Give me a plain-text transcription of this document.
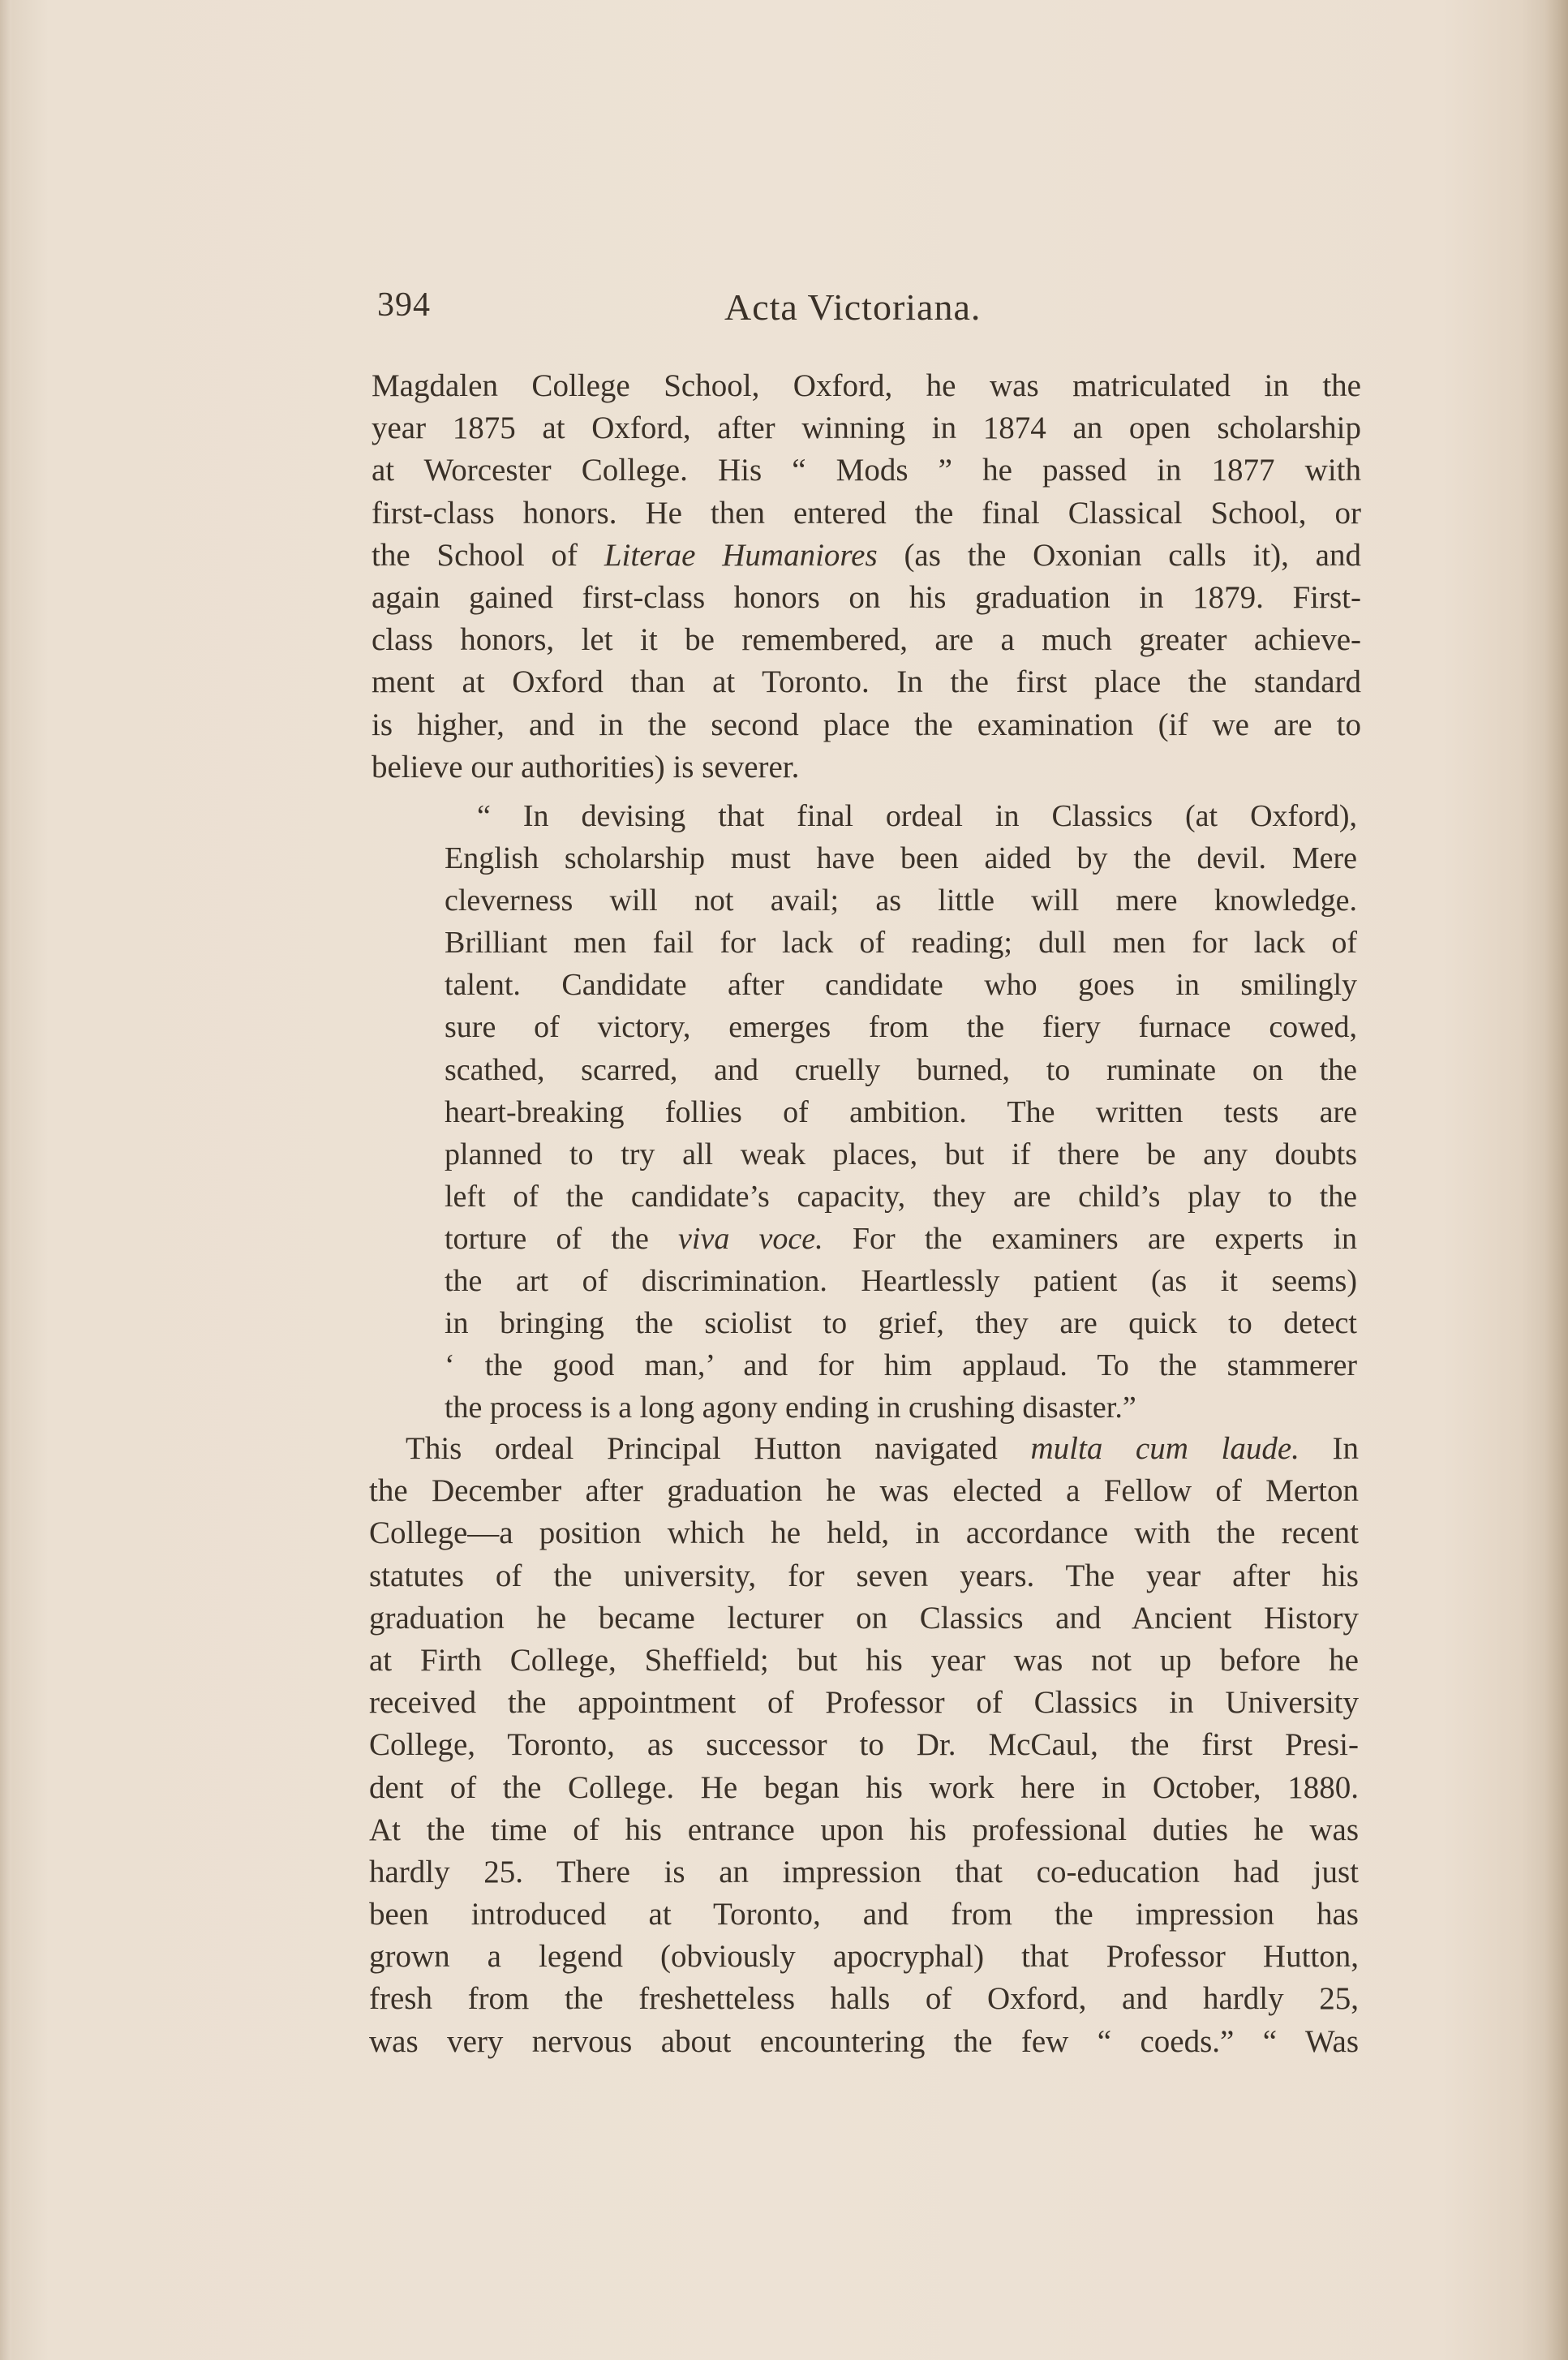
394	Acta Victoriana.
Magdalen College School, Oxford, he was matriculated in the
year 1875 at Oxford, after winning in 1874 an open scholarship
at Worcester College. His “ Mods ” he passed in 1877 with
first-class honors. He then entered the final Classical School, or
the School of Literae Humaniores (as the Oxonian calls it), and
again gained first-class honors on his graduation in 1879. First-
class honors, let it be remembered, are a much greater achieve-
ment at Oxford than at Toronto. In the first place the standard
is higher, and in the second place the examination (if we are to
believe our authorities) is severer.
“ In devising that final ordeal in Classics (at Oxford),
English scholarship must have been aided by the devil. Mere
cleverness will not avail; as little will mere knowledge.
Brilliant men fail for lack of reading; dull men for lack of
talent. Candidate after candidate who goes in smilingly
sure of victory, emerges from the fiery furnace cowed,
scathed, scarred, and cruelly burned, to ruminate on the
heart-breaking follies of ambition. The written tests are
planned to try all weak places, but if there be any doubts
left of the candidate’s capacity, they are child’s play to the
torture of the viva voce. For the examiners are experts in
the art of discrimination. Heartlessly patient (as it seems)
in bringing the sciolist to grief, they are quick to detect
‘ the good man,’ and for him applaud. To the stammerer
the process is a long agony ending in crushing disaster.”
This ordeal Principal Hutton navigated multa cum laude. In
the December after graduation he was elected a Fellow of Merton
College—a position which he held, in accordance with the recent
statutes of the university, for seven years. The year after his
graduation he became lecturer on Classics and Ancient History
at Firth College, Sheffield; but his year was not up before he
received the appointment of Professor of Classics in University
College, Toronto, as successor to Dr. McCaul, the first Presi-
dent of the College. He began his work here in October, 1880.
At the time of his entrance upon his professional duties he was
hardly 25. There is an impression that co-education had just
been introduced at Toronto, and from the impression has
grown a legend (obviously apocryphal) that Professor Hutton,
fresh from the freshetteless halls of Oxford, and hardly 25,
was very nervous about encountering the few “ coeds.” “ Was
